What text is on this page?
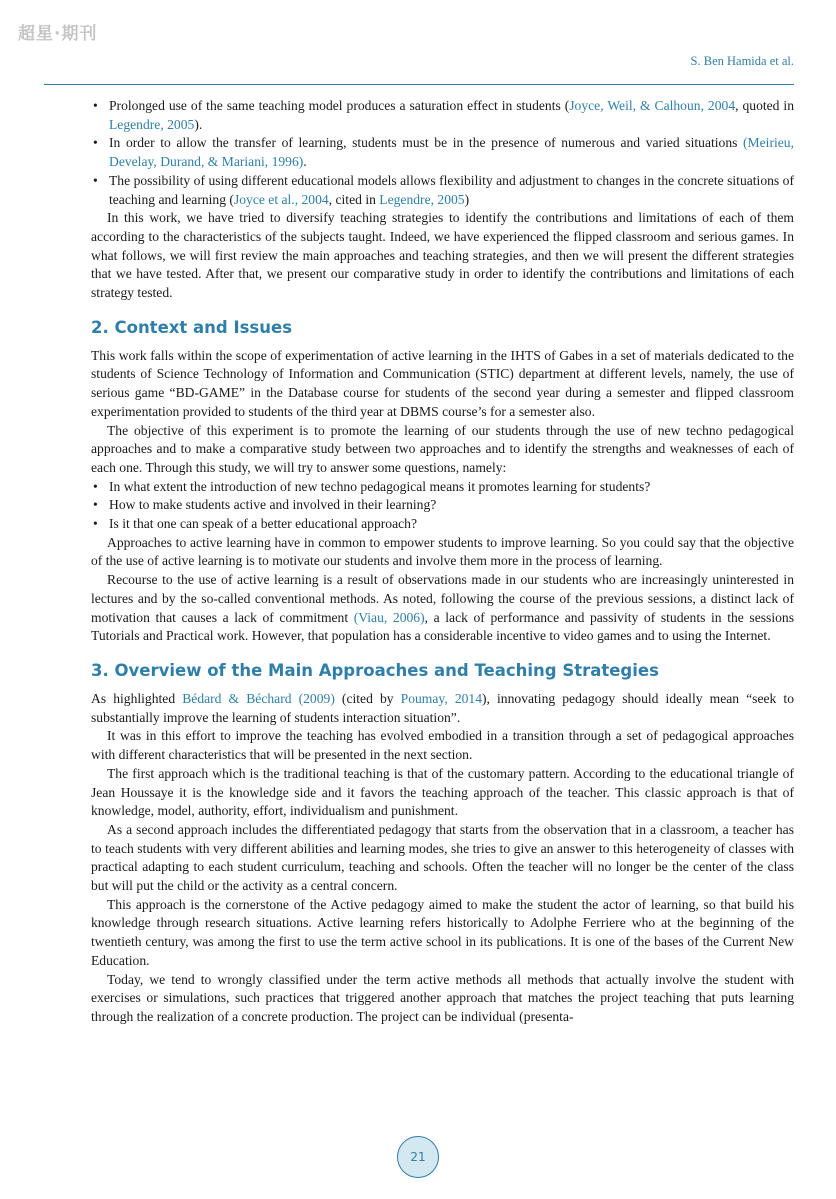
超星·期刊
S. Ben Hamida et al.

• Prolonged use of the same teaching model produces a saturation effect in students (Joyce, Weil, & Calhoun, 2004, quoted in Legendre, 2005).

• In order to allow the transfer of learning, students must be in the presence of numerous and varied situations (Meirieu, Develay, Durand, & Mariani, 1996).

• The possibility of using different educational models allows flexibility and adjustment to changes in the concrete situations of teaching and learning (Joyce et al., 2004, cited in Legendre, 2005)

In this work, we have tried to diversify teaching strategies to identify the contributions and limitations of each of them according to the characteristics of the subjects taught. Indeed, we have experienced the flipped classroom and serious games. In what follows, we will first review the main approaches and teaching strategies, and then we will present the different strategies that we have tested. After that, we present our comparative study in order to identify the contributions and limitations of each strategy tested.

2. Context and Issues

This work falls within the scope of experimentation of active learning in the IHTS of Gabes in a set of materials dedicated to the students of Science Technology of Information and Communication (STIC) department at different levels, namely, the use of serious game “BD-GAME” in the Database course for students of the second year during a semester and flipped classroom experimentation provided to students of the third year at DBMS course’s for a semester also.

The objective of this experiment is to promote the learning of our students through the use of new techno pedagogical approaches and to make a comparative study between two approaches and to identify the strengths and weaknesses of each of each one. Through this study, we will try to answer some questions, namely:

• In what extent the introduction of new techno pedagogical means it promotes learning for students?

• How to make students active and involved in their learning?

• Is it that one can speak of a better educational approach?

Approaches to active learning have in common to empower students to improve learning. So you could say that the objective of the use of active learning is to motivate our students and involve them more in the process of learning.

Recourse to the use of active learning is a result of observations made in our students who are increasingly uninterested in lectures and by the so-called conventional methods. As noted, following the course of the previous sessions, a distinct lack of motivation that causes a lack of commitment (Viau, 2006), a lack of performance and passivity of students in the sessions Tutorials and Practical work. However, that population has a considerable incentive to video games and to using the Internet.

3. Overview of the Main Approaches and Teaching Strategies

As highlighted Bédard & Béchard (2009) (cited by Poumay, 2014), innovating pedagogy should ideally mean “seek to substantially improve the learning of students interaction situation”.

It was in this effort to improve the teaching has evolved embodied in a transition through a set of pedagogical approaches with different characteristics that will be presented in the next section.

The first approach which is the traditional teaching is that of the customary pattern. According to the educational triangle of Jean Houssaye it is the knowledge side and it favors the teaching approach of the teacher. This classic approach is that of knowledge, model, authority, effort, individualism and punishment.

As a second approach includes the differentiated pedagogy that starts from the observation that in a classroom, a teacher has to teach students with very different abilities and learning modes, she tries to give an answer to this heterogeneity of classes with practical adapting to each student curriculum, teaching and schools. Often the teacher will no longer be the center of the class but will put the child or the activity as a central concern.

This approach is the cornerstone of the Active pedagogy aimed to make the student the actor of learning, so that build his knowledge through research situations. Active learning refers historically to Adolphe Ferriere who at the beginning of the twentieth century, was among the first to use the term active school in its publications. It is one of the bases of the Current New Education.

Today, we tend to wrongly classified under the term active methods all methods that actually involve the student with exercises or simulations, such practices that triggered another approach that matches the project teaching that puts learning through the realization of a concrete production. The project can be individual (presenta-

21
